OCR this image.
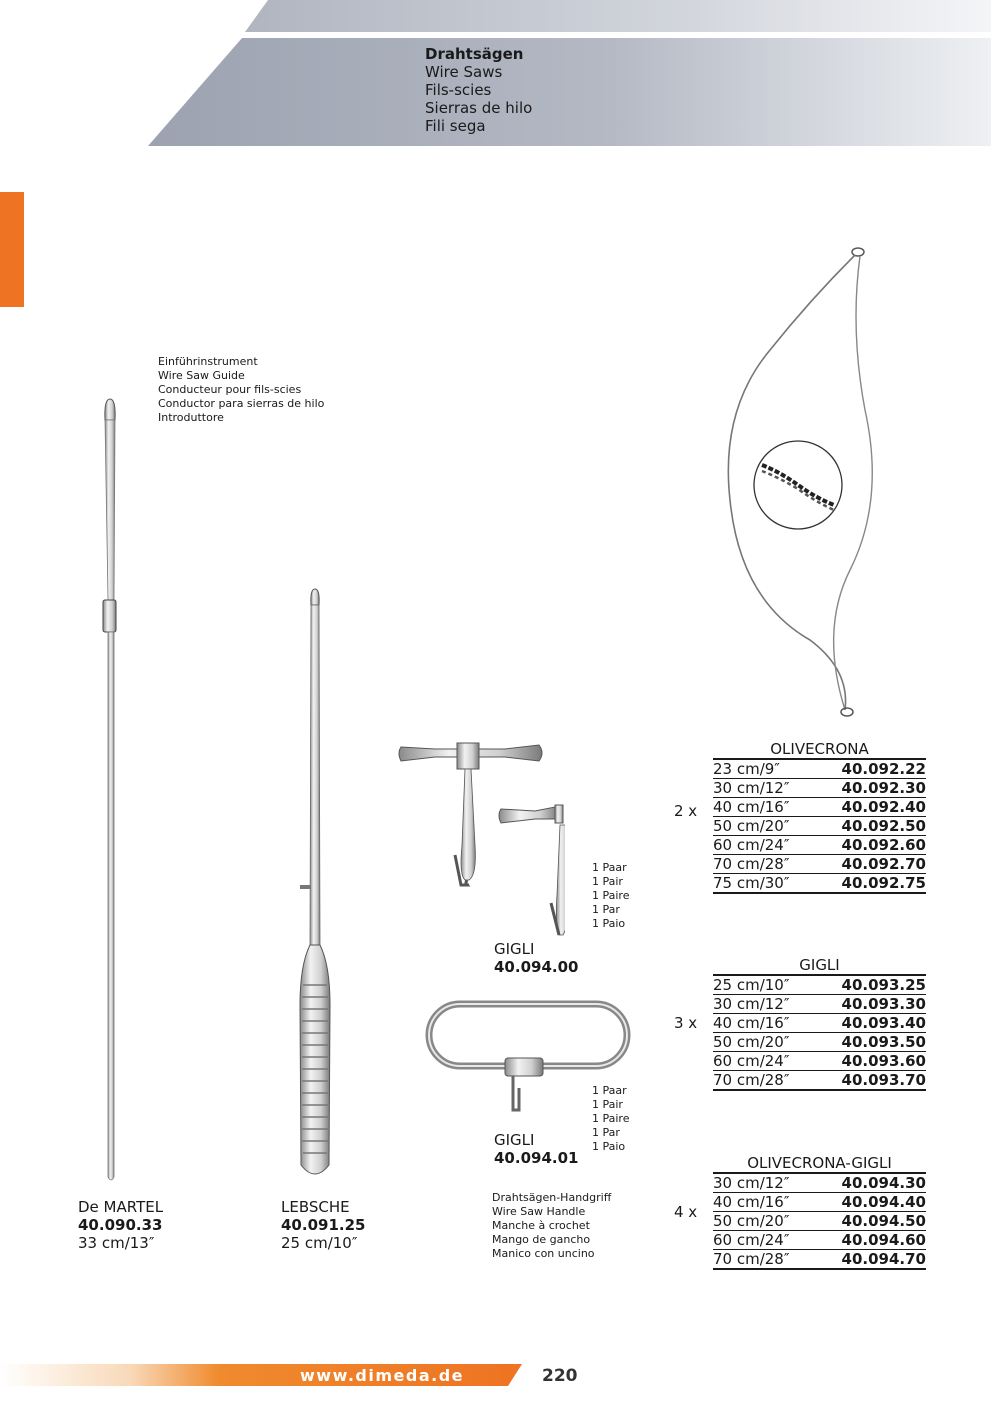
Drahtsägen
Wire Saws
Fils-scies
Sierras de hilo
Fili sega
Einführinstrument
Wire Saw Guide
Conducteur pour fils-scies
Conductor para sierras de hilo
Introduttore
De MARTEL
40.090.33
33 cm/13″
LEBSCHE
40.091.25
25 cm/10″
GIGLI
40.094.00
GIGLI
40.094.01
1 Paar
1 Pair
1 Paire
1 Par
1 Paio
1 Paar
1 Pair
1 Paire
1 Par
1 Paio
Drahtsägen-Handgriff
Wire Saw Handle
Manche à crochet
Mango de gancho
Manico con uncino
2 x
3 x
4 x
OLIVECRONA
23 cm/9″	40.092.22
30 cm/12″	40.092.30
40 cm/16″	40.092.40
50 cm/20″	40.092.50
60 cm/24″	40.092.60
70 cm/28″	40.092.70
75 cm/30″	40.092.75
GIGLI
25 cm/10″	40.093.25
30 cm/12″	40.093.30
40 cm/16″	40.093.40
50 cm/20″	40.093.50
60 cm/24″	40.093.60
70 cm/28″	40.093.70
OLIVECRONA-GIGLI
30 cm/12″	40.094.30
40 cm/16″	40.094.40
50 cm/20″	40.094.50
60 cm/24″	40.094.60
70 cm/28″	40.094.70
www.dimeda.de	220
